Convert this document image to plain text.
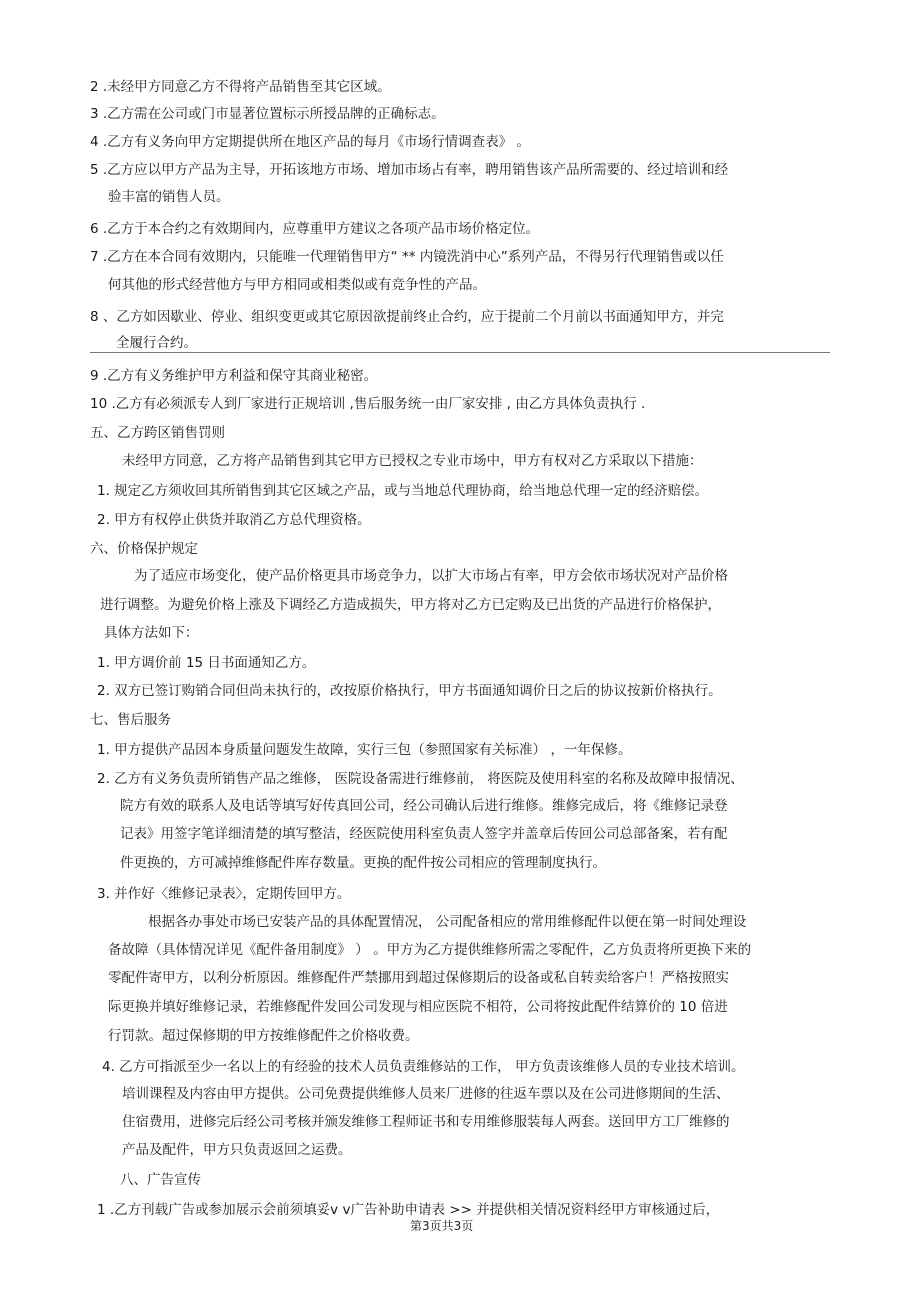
2 .未经甲方同意乙方不得将产品销售至其它区域。
3 .乙方需在公司或门市显著位置标示所授品牌的正确标志。
4 .乙方有义务向甲方定期提供所在地区产品的每月《市场行情调查表》 。
5 .乙方应以甲方产品为主导，开拓该地方市场、增加市场占有率，聘用销售该产品所需要的、经过培训和经
验丰富的销售人员。
6 .乙方于本合约之有效期间内，应尊重甲方建议之各项产品市场价格定位。
7 .乙方在本合同有效期内，只能唯一代理销售甲方“ ** 内镜洗消中心”系列产品，不得另行代理销售或以任
何其他的形式经营他方与甲方相同或相类似或有竞争性的产品。
8 、乙方如因歇业、停业、组织变更或其它原因欲提前终止合约，应于提前二个月前以书面通知甲方，并完
全履行合约。
9 .乙方有义务维护甲方利益和保守其商业秘密。
10 .乙方有必须派专人到厂家进行正规培训 ,售后服务统一由厂家安排 , 由乙方具体负责执行 .
五、乙方跨区销售罚则
未经甲方同意，乙方将产品销售到其它甲方已授权之专业市场中，甲方有权对乙方采取以下措施：
1. 规定乙方须收回其所销售到其它区域之产品，或与当地总代理协商，给当地总代理一定的经济赔偿。
2. 甲方有权停止供货并取消乙方总代理资格。
六、价格保护规定
为了适应市场变化，使产品价格更具市场竞争力，以扩大市场占有率，甲方会依市场状况对产品价格
进行调整。为避免价格上涨及下调经乙方造成损失，甲方将对乙方已定购及已出货的产品进行价格保护，
具体方法如下：
1. 甲方调价前 15 日书面通知乙方。
2. 双方已签订购销合同但尚未执行的，改按原价格执行，甲方书面通知调价日之后的协议按新价格执行。
七、售后服务
1. 甲方提供产品因本身质量问题发生故障，实行三包（参照国家有关标准） ，一年保修。
2. 乙方有义务负责所销售产品之维修， 医院设备需进行维修前， 将医院及使用科室的名称及故障申报情况、
院方有效的联系人及电话等填写好传真回公司，经公司确认后进行维修。维修完成后，将《维修记录登
记表》用签字笔详细清楚的填写整洁，经医院使用科室负责人签字并盖章后传回公司总部备案，若有配
件更换的，方可减掉维修配件库存数量。更换的配件按公司相应的管理制度执行。
3. 并作好〈维修记录表〉，定期传回甲方。
根据各办事处市场已安装产品的具体配置情况， 公司配备相应的常用维修配件以便在第一时间处理设
备故障（具体情况详见《配件备用制度》 ） 。甲方为乙方提供维修所需之零配件，乙方负责将所更换下来的
零配件寄甲方，以利分析原因。维修配件严禁挪用到超过保修期后的设备或私自转卖给客户！严格按照实
际更换并填好维修记录，若维修配件发回公司发现与相应医院不相符，公司将按此配件结算价的 10 倍进
行罚款。超过保修期的甲方按维修配件之价格收费。
4. 乙方可指派至少一名以上的有经验的技术人员负责维修站的工作， 甲方负责该维修人员的专业技术培训。
培训课程及内容由甲方提供。公司免费提供维修人员来厂进修的往返车票以及在公司进修期间的生活、
住宿费用，进修完后经公司考核并颁发维修工程师证书和专用维修服装每人两套。送回甲方工厂维修的
产品及配件，甲方只负责返回之运费。
八、广告宣传
1 .乙方刊载广告或参加展示会前须填妥v v广告补助申请表 >> 并提供相关情况资料经甲方审核通过后，
第3页共3页
